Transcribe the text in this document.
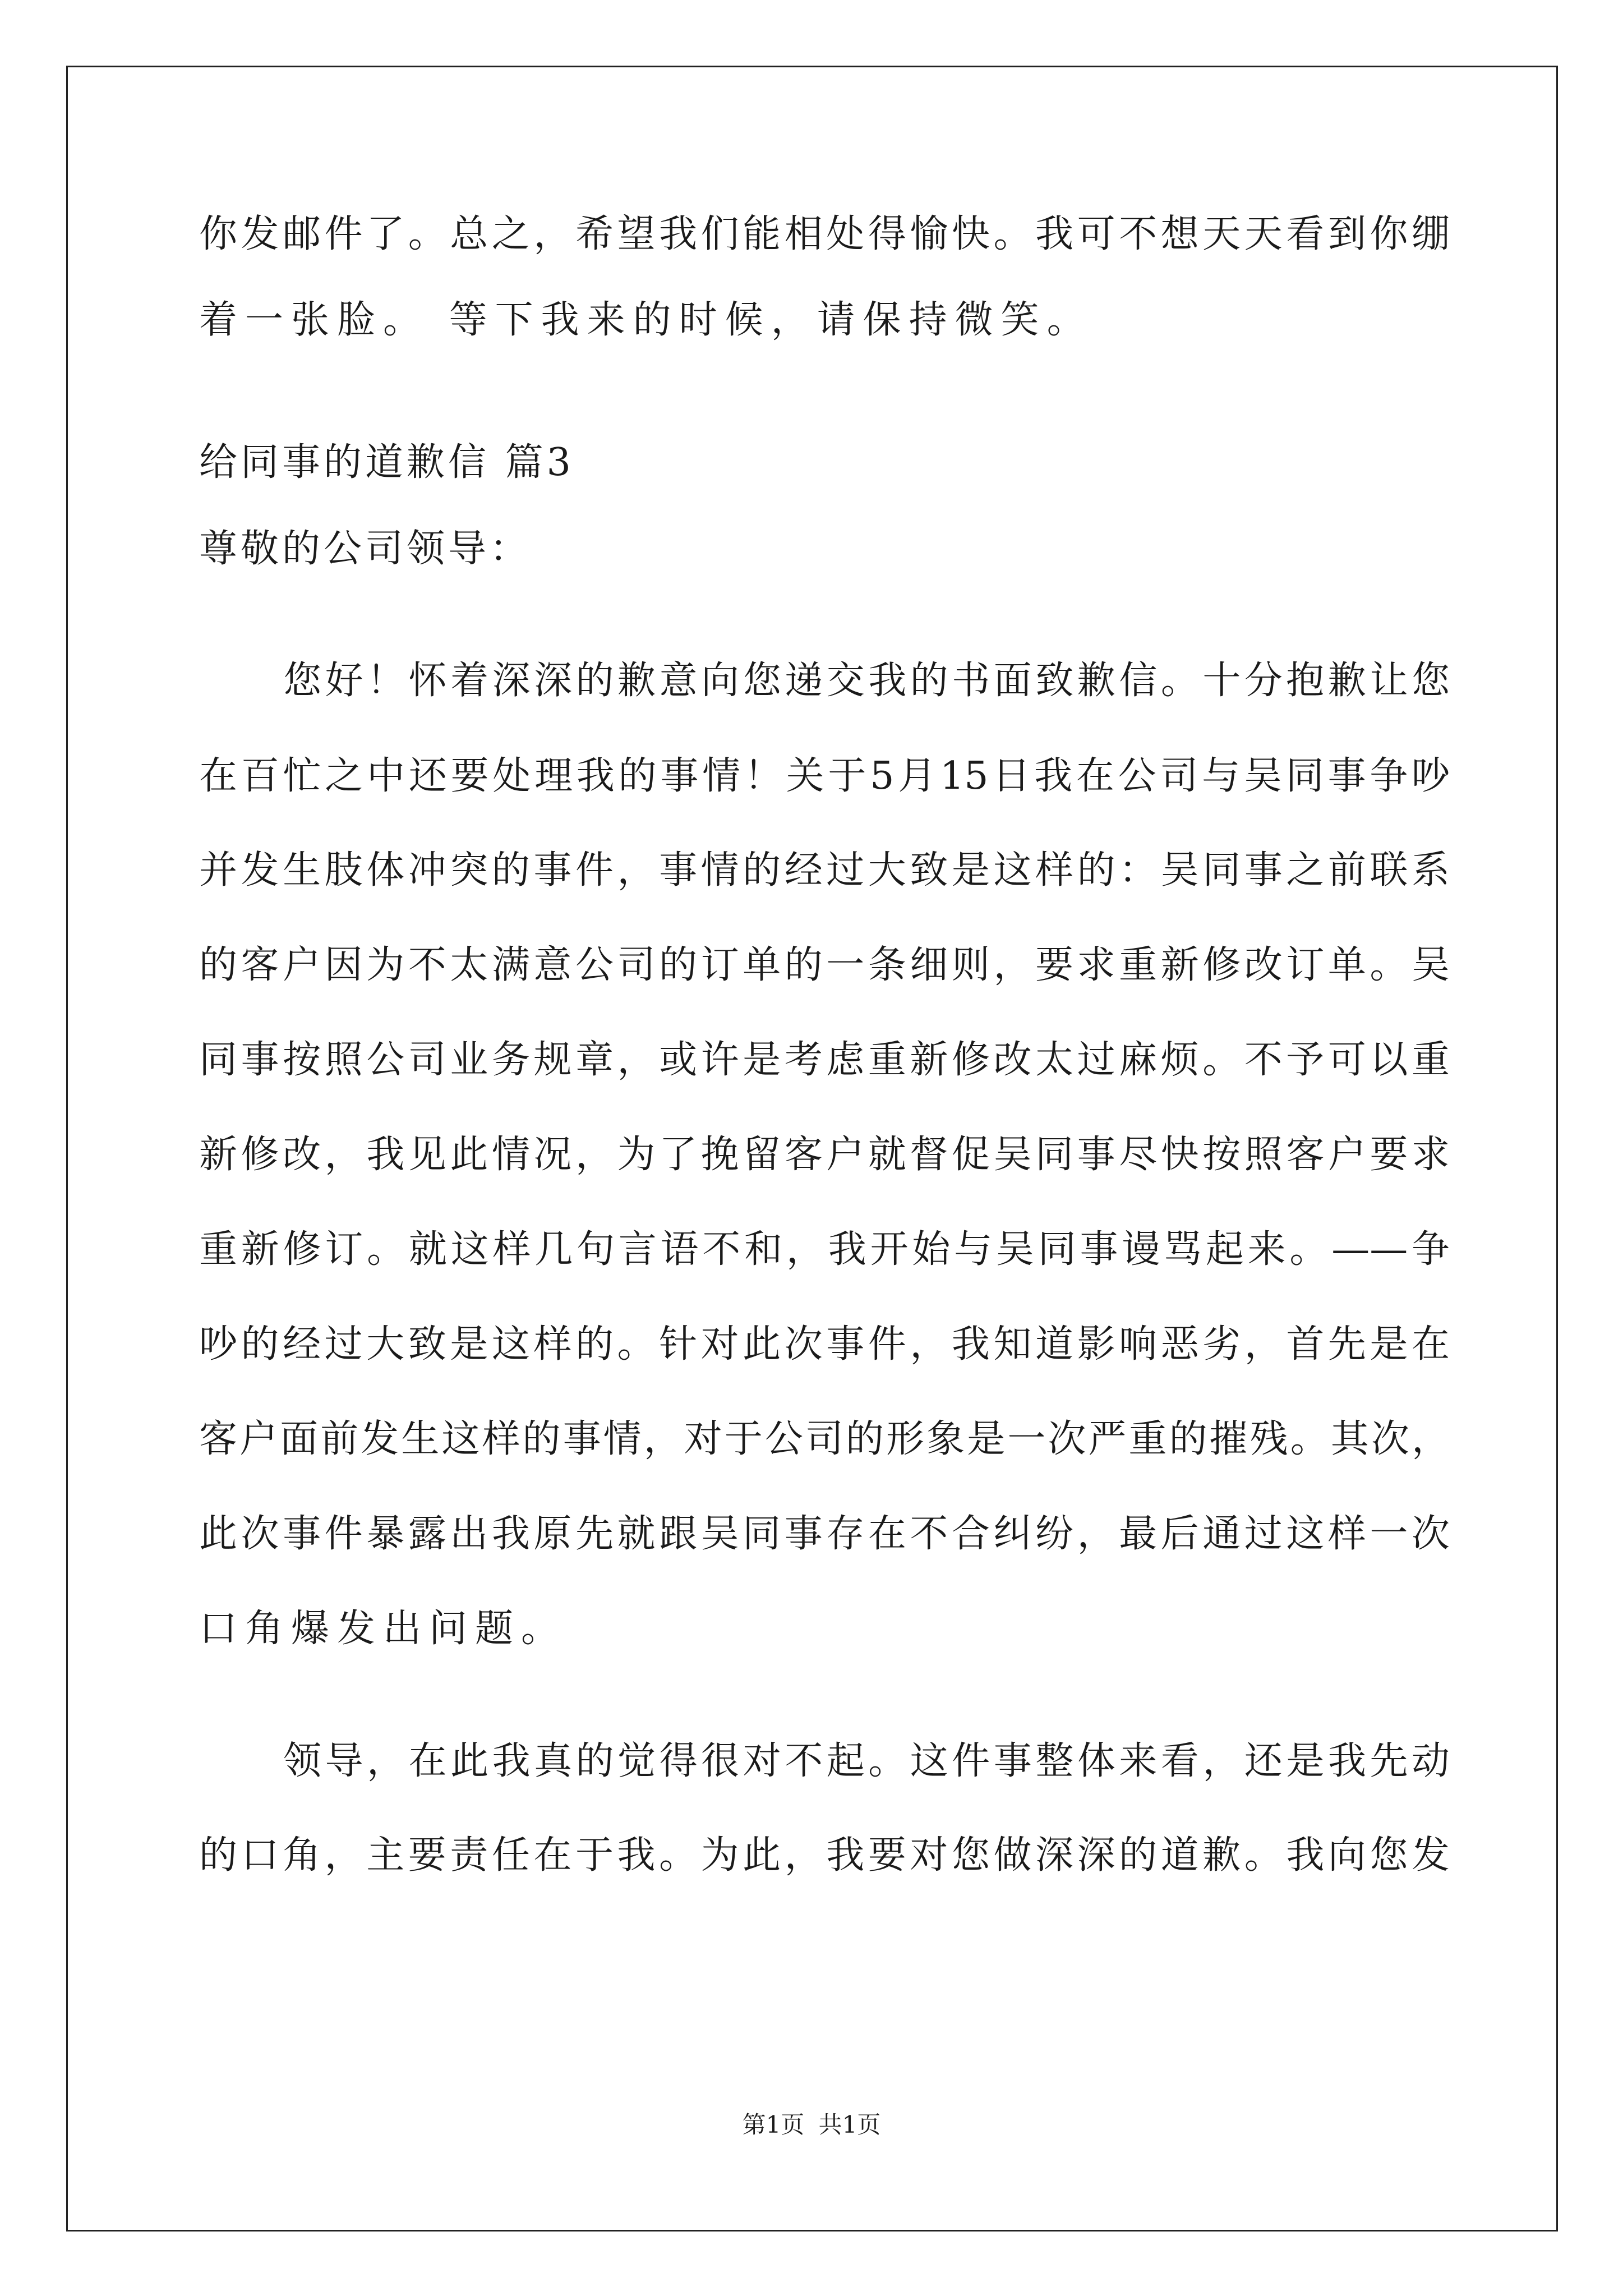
你发邮件了。总之，希望我们能相处得愉快。我可不想天天看到你绷
着一张脸。 等下我来的时候，请保持微笑。
给同事的道歉信 篇3
尊敬的公司领导：
您好！怀着深深的歉意向您递交我的书面致歉信。十分抱歉让您
在百忙之中还要处理我的事情！关于5月15日我在公司与吴同事争吵
并发生肢体冲突的事件，事情的经过大致是这样的：吴同事之前联系
的客户因为不太满意公司的订单的一条细则，要求重新修改订单。吴
同事按照公司业务规章，或许是考虑重新修改太过麻烦。不予可以重
新修改，我见此情况，为了挽留客户就督促吴同事尽快按照客户要求
重新修订。就这样几句言语不和，我开始与吴同事谩骂起来。——争
吵的经过大致是这样的。针对此次事件，我知道影响恶劣，首先是在
客户面前发生这样的事情，对于公司的形象是一次严重的摧残。其次，
此次事件暴露出我原先就跟吴同事存在不合纠纷，最后通过这样一次
口角爆发出问题。
领导，在此我真的觉得很对不起。这件事整体来看，还是我先动
的口角，主要责任在于我。为此，我要对您做深深的道歉。我向您发
第1页 共1页
